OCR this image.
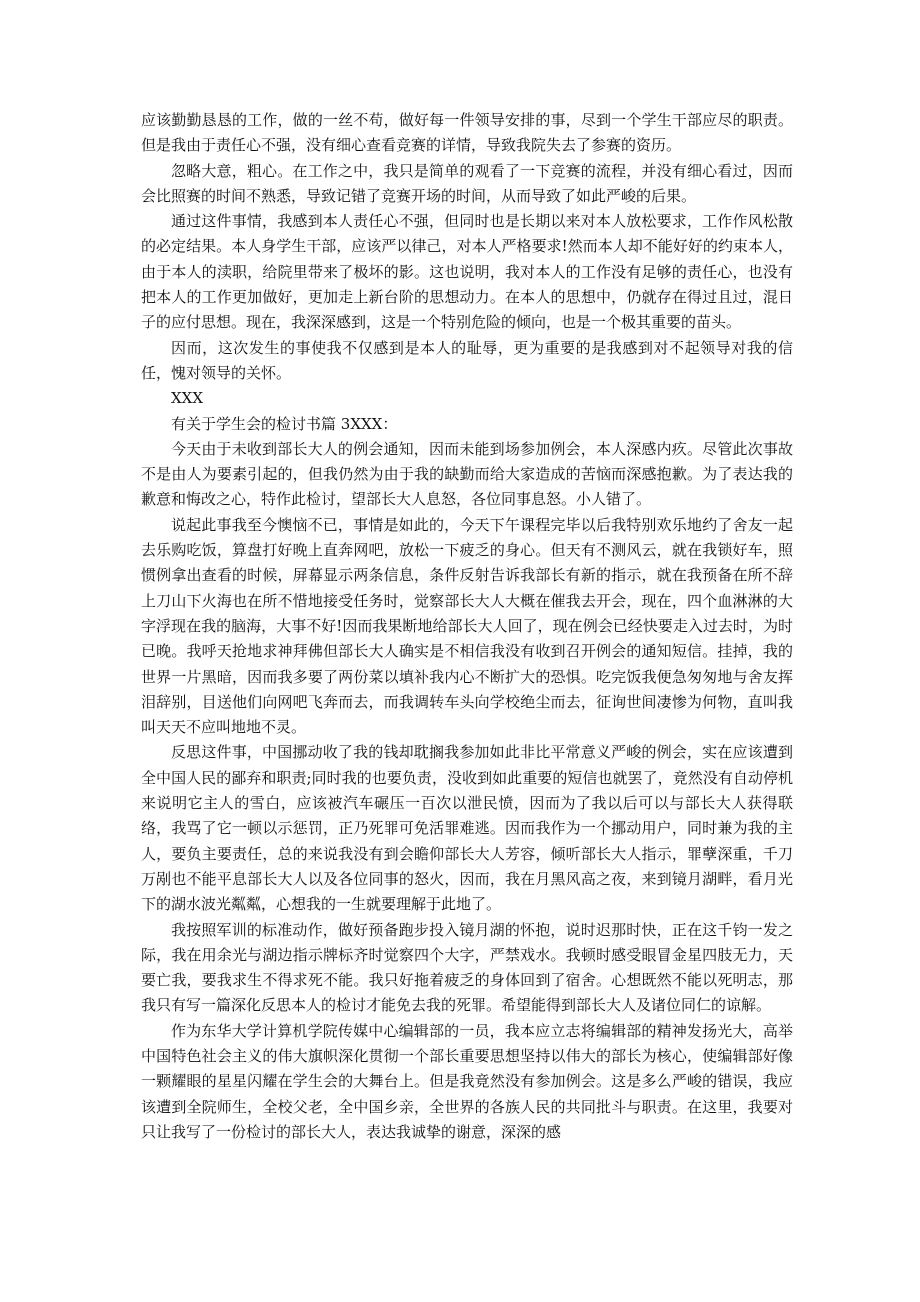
应该勤勤恳恳的工作，做的一丝不苟，做好每一件领导安排的事，尽到一个学生干部应尽的职责。但是我由于责任心不强，没有细心查看竞赛的详情，导致我院失去了参赛的资历。

忽略大意，粗心。在工作之中，我只是简单的观看了一下竞赛的流程，并没有细心看过，因而会比照赛的时间不熟悉，导致记错了竞赛开场的时间，从而导致了如此严峻的后果。

通过这件事情，我感到本人责任心不强，但同时也是长期以来对本人放松要求，工作作风松散的必定结果。本人身学生干部，应该严以律己，对本人严格要求!然而本人却不能好好的约束本人，由于本人的渎职，给院里带来了极坏的影。这也说明，我对本人的工作没有足够的责任心，也没有把本人的工作更加做好，更加走上新台阶的思想动力。在本人的思想中，仍就存在得过且过，混日子的应付思想。现在，我深深感到，这是一个特别危险的倾向，也是一个极其重要的苗头。

因而，这次发生的事使我不仅感到是本人的耻辱，更为重要的是我感到对不起领导对我的信任，愧对领导的关怀。

XXX

有关于学生会的检讨书篇 3XXX：

今天由于未收到部长大人的例会通知，因而未能到场参加例会，本人深感内疚。尽管此次事故不是由人为要素引起的，但我仍然为由于我的缺勤而给大家造成的苦恼而深感抱歉。为了表达我的歉意和悔改之心，特作此检讨，望部长大人息怒，各位同事息怒。小人错了。

说起此事我至今懊恼不已，事情是如此的，今天下午课程完毕以后我特别欢乐地约了舍友一起去乐购吃饭，算盘打好晚上直奔网吧，放松一下疲乏的身心。但天有不测风云，就在我锁好车，照惯例拿出查看的时候，屏幕显示两条信息，条件反射告诉我部长有新的指示，就在我预备在所不辞上刀山下火海也在所不惜地接受任务时，觉察部长大人大概在催我去开会，现在，四个血淋淋的大字浮现在我的脑海，大事不好!因而我果断地给部长大人回了，现在例会已经快要走入过去时，为时已晚。我呼天抢地求神拜佛但部长大人确实是不相信我没有收到召开例会的通知短信。挂掉，我的世界一片黑暗，因而我多要了两份菜以填补我内心不断扩大的恐惧。吃完饭我便急匆匆地与舍友挥泪辞别，目送他们向网吧飞奔而去，而我调转车头向学校绝尘而去，征询世间凄惨为何物，直叫我叫天天不应叫地地不灵。

反思这件事，中国挪动收了我的钱却耽搁我参加如此非比平常意义严峻的例会，实在应该遭到全中国人民的鄙弃和职责;同时我的也要负责，没收到如此重要的短信也就罢了，竟然没有自动停机来说明它主人的雪白，应该被汽车碾压一百次以泄民愤，因而为了我以后可以与部长大人获得联络，我骂了它一顿以示惩罚，正乃死罪可免活罪难逃。因而我作为一个挪动用户，同时兼为我的主人，要负主要责任，总的来说我没有到会瞻仰部长大人芳容，倾听部长大人指示，罪孽深重，千刀万剐也不能平息部长大人以及各位同事的怒火，因而，我在月黑风高之夜，来到镜月湖畔，看月光下的湖水波光粼粼，心想我的一生就要理解于此地了。

我按照军训的标准动作，做好预备跑步投入镜月湖的怀抱，说时迟那时快，正在这千钧一发之际，我在用余光与湖边指示牌标齐时觉察四个大字，严禁戏水。我顿时感受眼冒金星四肢无力，天要亡我，要我求生不得求死不能。我只好拖着疲乏的身体回到了宿舍。心想既然不能以死明志，那我只有写一篇深化反思本人的检讨才能免去我的死罪。希望能得到部长大人及诸位同仁的谅解。

作为东华大学计算机学院传媒中心编辑部的一员，我本应立志将编辑部的精神发扬光大，高举中国特色社会主义的伟大旗帜深化贯彻一个部长重要思想坚持以伟大的部长为核心，使编辑部好像一颗耀眼的星星闪耀在学生会的大舞台上。但是我竟然没有参加例会。这是多么严峻的错误，我应该遭到全院师生，全校父老，全中国乡亲，全世界的各族人民的共同批斗与职责。在这里，我要对只让我写了一份检讨的部长大人，表达我诚挚的谢意，深深的感
